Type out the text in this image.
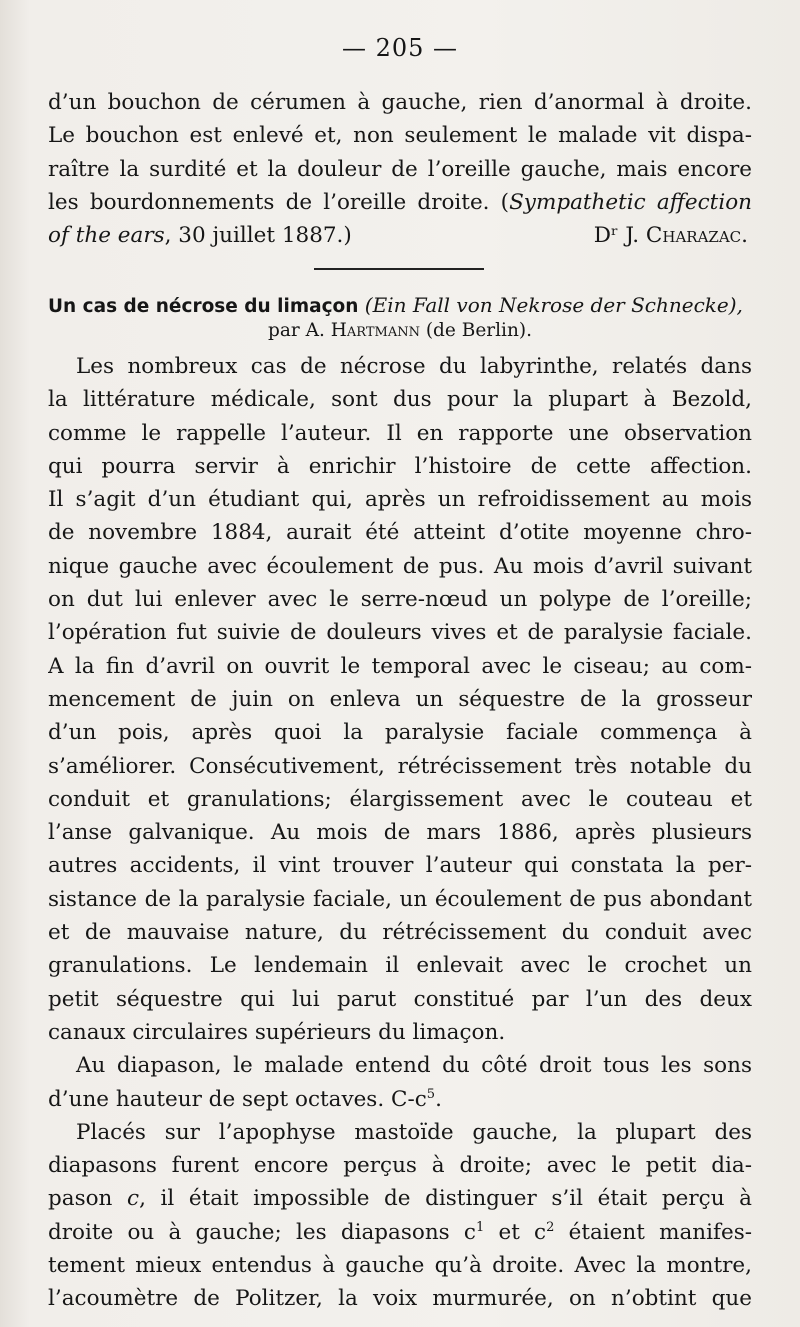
— 205 —
d’un bouchon de cérumen à gauche, rien d’anormal à droite.
Le bouchon est enlevé et, non seulement le malade vit dispa-
raître la surdité et la douleur de l’oreille gauche, mais encore
les bourdonnements de l’oreille droite. (Sympathetic affection
of the ears, 30 juillet 1887.)	Dʳ J. Charazac.
Un cas de nécrose du limaçon (Ein Fall von Nekrose der Schnecke),
par A. Hartmann (de Berlin).
Les nombreux cas de nécrose du labyrinthe, relatés dans
la littérature médicale, sont dus pour la plupart à Bezold,
comme le rappelle l’auteur. Il en rapporte une observation
qui pourra servir à enrichir l’histoire de cette affection.
Il s’agit d’un étudiant qui, après un refroidissement au mois
de novembre 1884, aurait été atteint d’otite moyenne chro-
nique gauche avec écoulement de pus. Au mois d’avril suivant
on dut lui enlever avec le serre-nœud un polype de l’oreille;
l’opération fut suivie de douleurs vives et de paralysie faciale.
A la fin d’avril on ouvrit le temporal avec le ciseau; au com-
mencement de juin on enleva un séquestre de la grosseur
d’un pois, après quoi la paralysie faciale commença à
s’améliorer. Consécutivement, rétrécissement très notable du
conduit et granulations; élargissement avec le couteau et
l’anse galvanique. Au mois de mars 1886, après plusieurs
autres accidents, il vint trouver l’auteur qui constata la per-
sistance de la paralysie faciale, un écoulement de pus abondant
et de mauvaise nature, du rétrécissement du conduit avec
granulations. Le lendemain il enlevait avec le crochet un
petit séquestre qui lui parut constitué par l’un des deux
canaux circulaires supérieurs du limaçon.
Au diapason, le malade entend du côté droit tous les sons
d’une hauteur de sept octaves. $C-c^5$.
Placés sur l’apophyse mastoïde gauche, la plupart des
diapasons furent encore perçus à droite; avec le petit dia-
pason c, il était impossible de distinguer s’il était perçu à
droite ou à gauche; les diapasons $c^1$ et $c^2$ étaient manifes-
tement mieux entendus à gauche qu’à droite. Avec la montre,
l’acoumètre de Politzer, la voix murmurée, on n’obtint que
